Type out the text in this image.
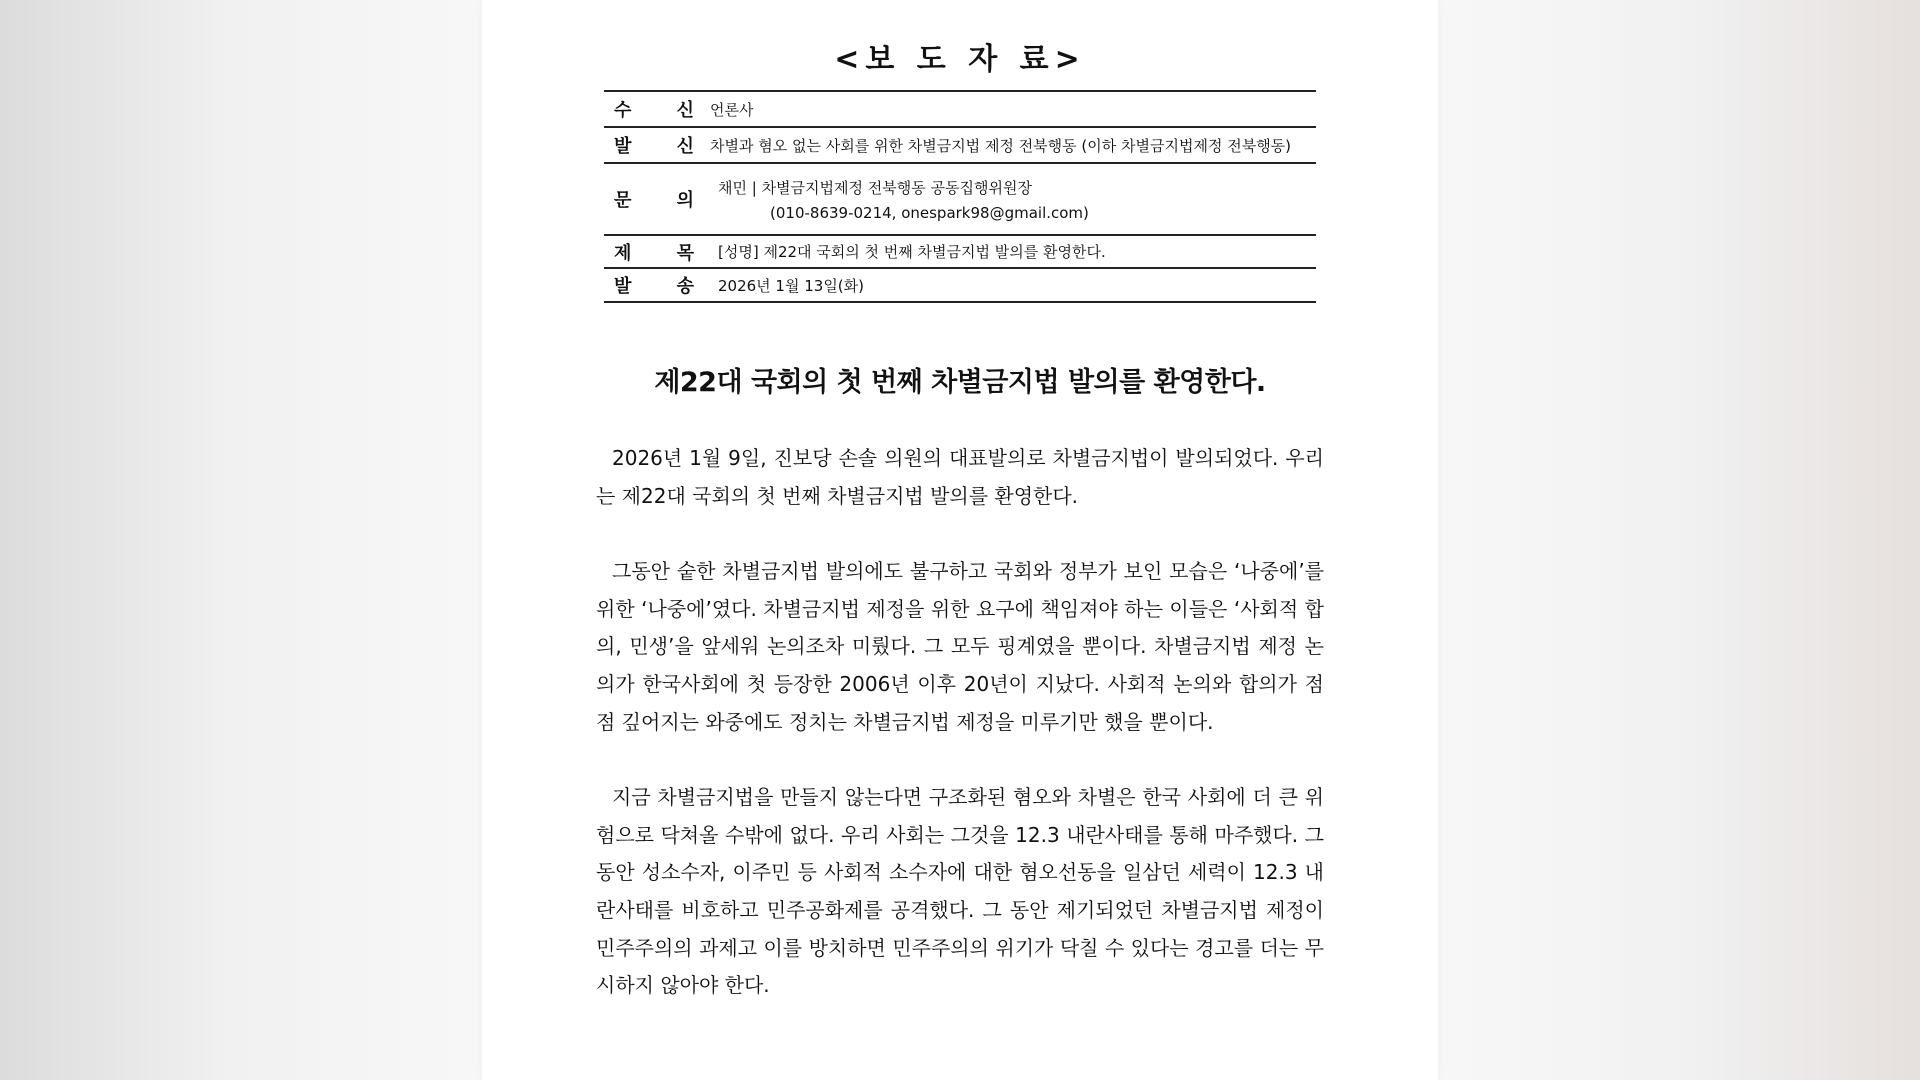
<보 도 자 료>
수	신	언론사
발	신	차별과 혐오 없는 사회를 위한 차별금지법 제정 전북행동 (이하 차별금지법제정 전북행동)
문	의
채민 | 차별금지법제정 전북행동 공동집행위원장
(010-8639-0214, onespark98@gmail.com)
제	목	[성명] 제22대 국회의 첫 번째 차별금지법 발의를 환영한다.
발	송	2026년 1월 13일(화)
제22대 국회의 첫 번째 차별금지법 발의를 환영한다.

2026년 1월 9일, 진보당 손솔 의원의 대표발의로 차별금지법이 발의되었다. 우리는 제22대 국회의 첫 번째 차별금지법 발의를 환영한다.

그동안 숱한 차별금지법 발의에도 불구하고 국회와 정부가 보인 모습은 ‘나중에’를 위한 ‘나중에’였다. 차별금지법 제정을 위한 요구에 책임져야 하는 이들은 ‘사회적 합의, 민생’을 앞세워 논의조차 미뤘다. 그 모두 핑계였을 뿐이다. 차별금지법 제정 논의가 한국사회에 첫 등장한 2006년 이후 20년이 지났다. 사회적 논의와 합의가 점점 깊어지는 와중에도 정치는 차별금지법 제정을 미루기만 했을 뿐이다.

지금 차별금지법을 만들지 않는다면 구조화된 혐오와 차별은 한국 사회에 더 큰 위험으로 닥쳐올 수밖에 없다. 우리 사회는 그것을 12.3 내란사태를 통해 마주했다. 그 동안 성소수자, 이주민 등 사회적 소수자에 대한 혐오선동을 일삼던 세력이 12.3 내란사태를 비호하고 민주공화제를 공격했다. 그 동안 제기되었던 차별금지법 제정이 민주주의의 과제고 이를 방치하면 민주주의의 위기가 닥칠 수 있다는 경고를 더는 무시하지 않아야 한다.
